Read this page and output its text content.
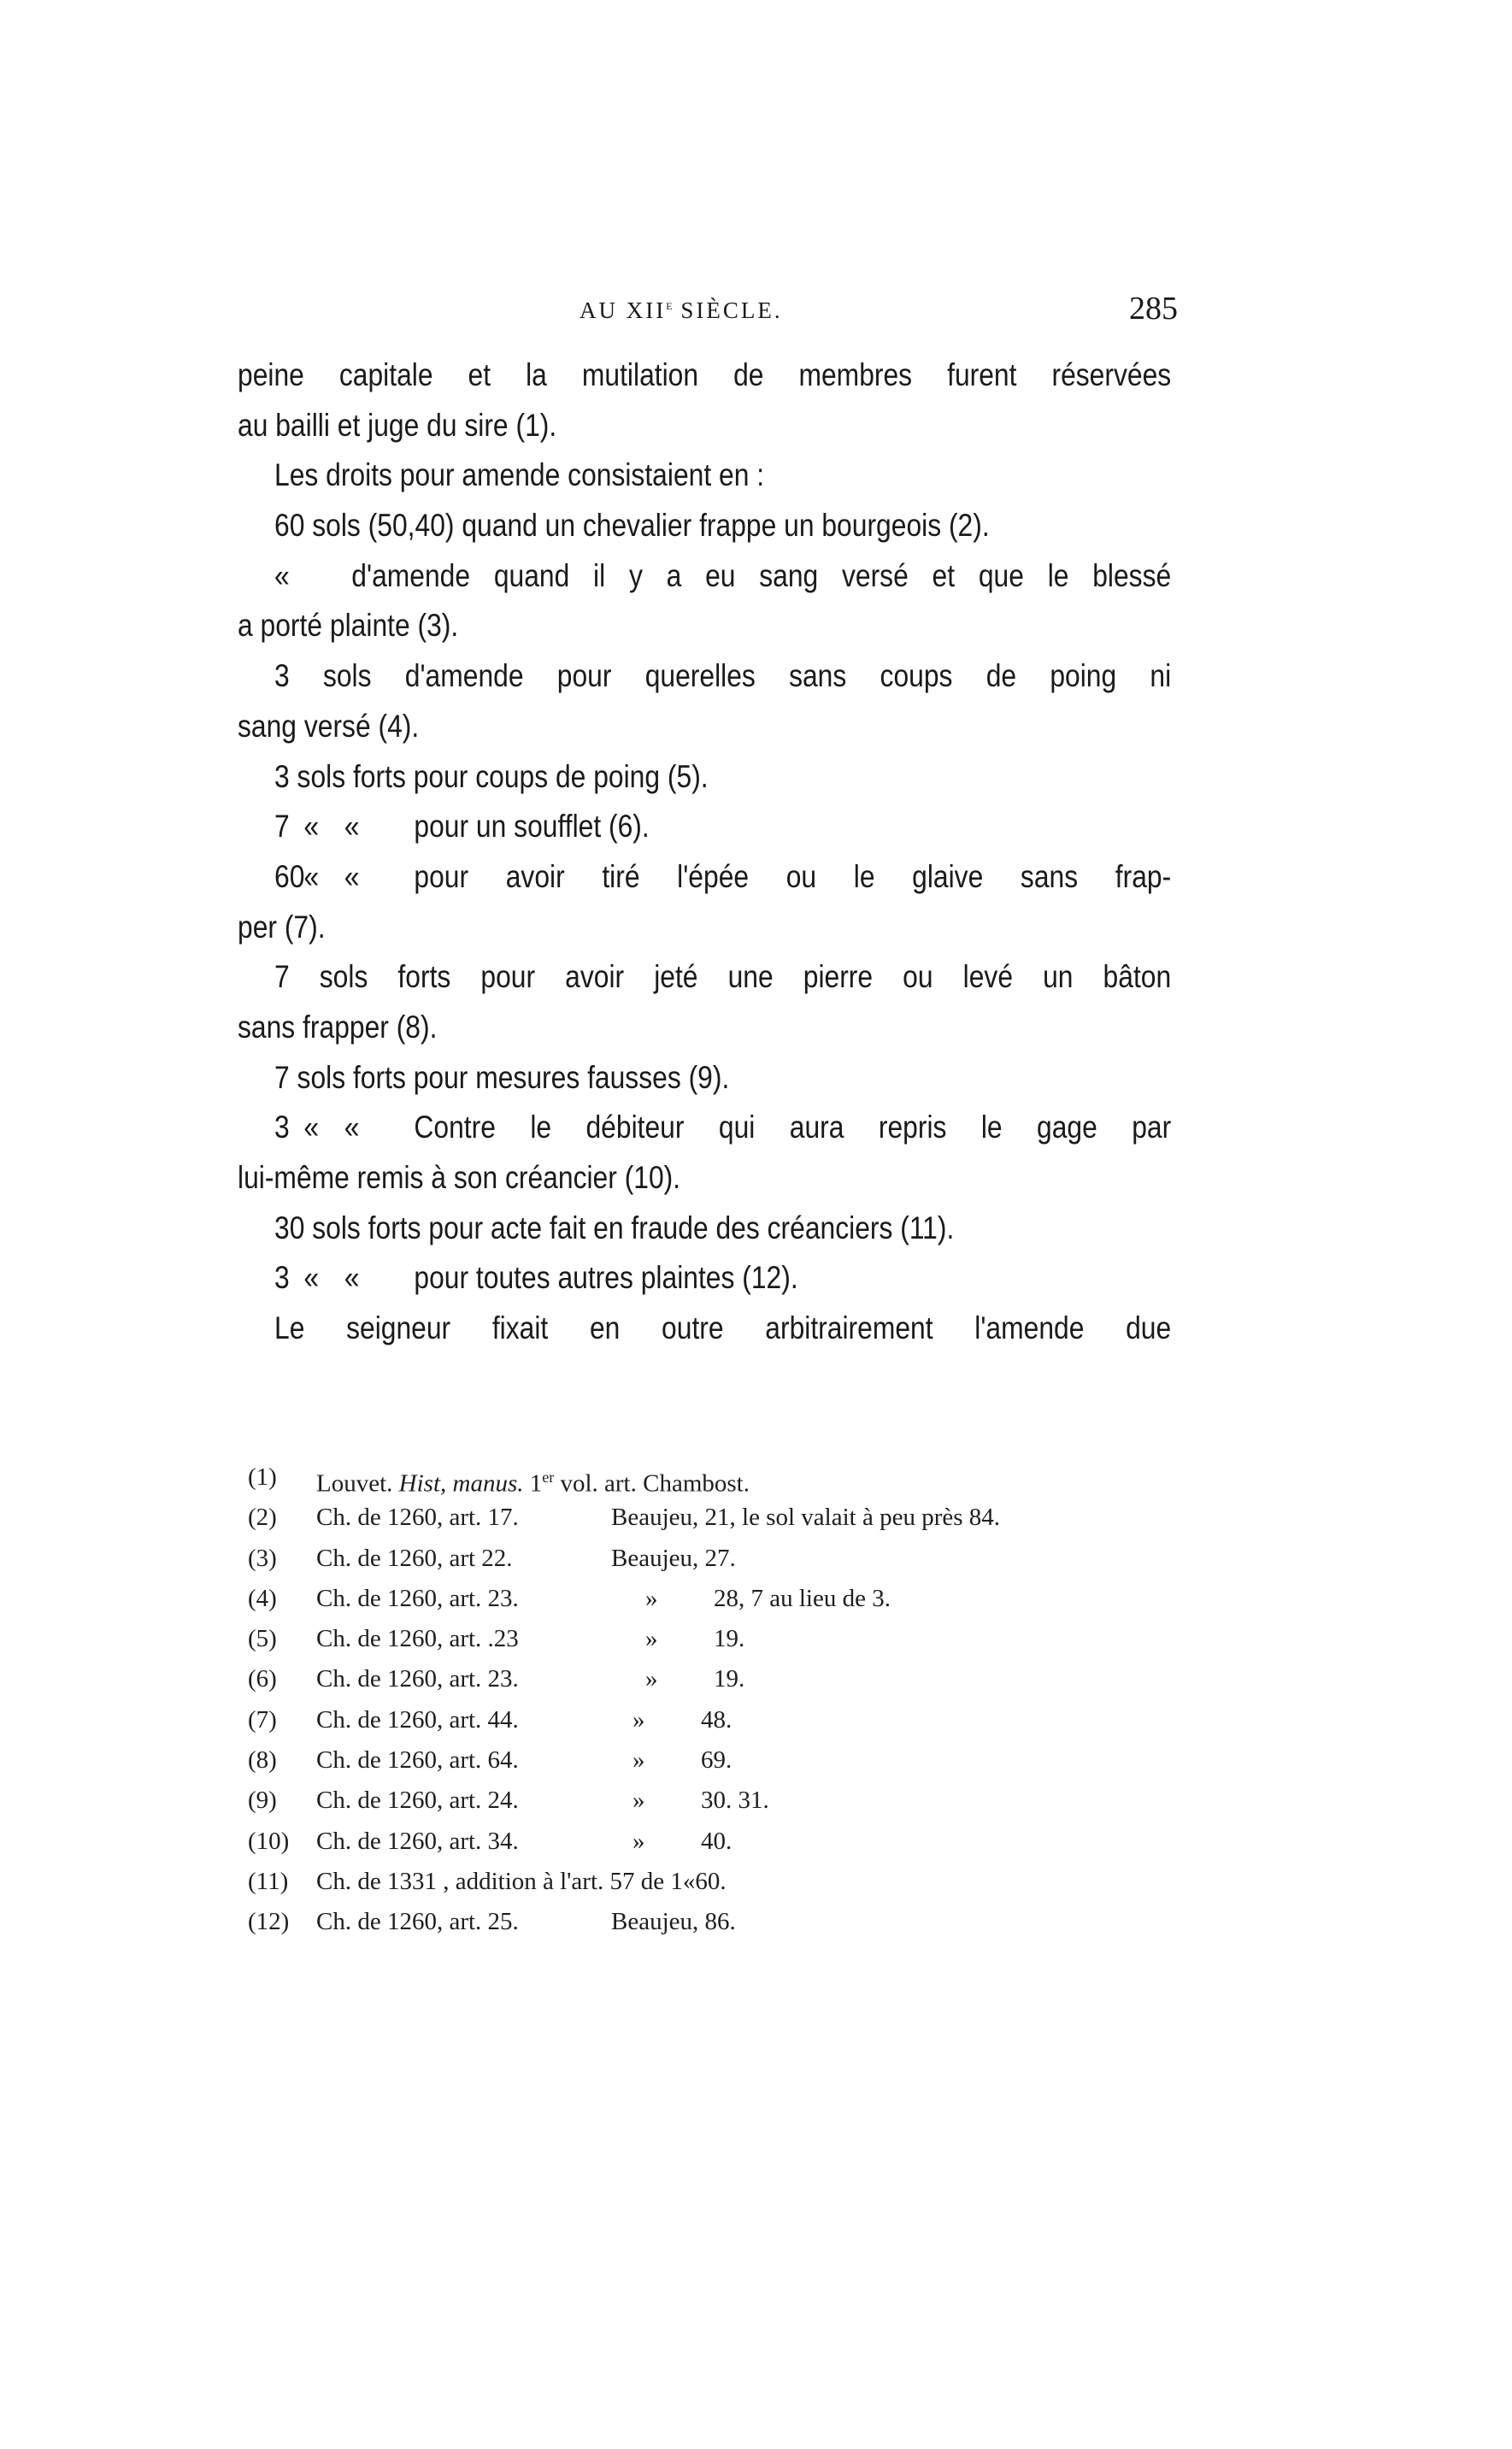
AU XIIe SIÈCLE.	285
peine capitale et la mutilation de membres furent réservées
au bailli et juge du sire (1).
Les droits pour amende consistaient en :
60 sols (50,40) quand un chevalier frappe un bourgeois (2).
«	d'amende quand il y a eu sang versé et que le blessé
a porté plainte (3).
3 sols d'amende pour querelles sans coups de poing ni
sang versé (4).
3 sols forts pour coups de poing (5).
7 « «	pour un soufflet (6).
60 « «	pour avoir tiré l'épée ou le glaive sans frap-
per (7).
7 sols forts pour avoir jeté une pierre ou levé un bâton
sans frapper (8).
7 sols forts pour mesures fausses (9).
3 « «	Contre le débiteur qui aura repris le gage par
lui-même remis à son créancier (10).
30 sols forts pour acte fait en fraude des créanciers (11).
3 « «	pour toutes autres plaintes (12).
Le seigneur fixait en outre arbitrairement l'amende due
(1)	Louvet. Hist, manus. 1er vol. art. Chambost.
(2)	Ch. de 1260, art. 17.	Beaujeu, 21, le sol valait à peu près 84.
(3)	Ch. de 1260, art 22.	Beaujeu, 27.
(4)	Ch. de 1260, art. 23.	»	28, 7 au lieu de 3.
(5)	Ch. de 1260, art. .23	»	19.
(6)	Ch. de 1260, art. 23.	»	19.
(7)	Ch. de 1260, art. 44.	»	48.
(8)	Ch. de 1260, art. 64.	»	69.
(9)	Ch. de 1260, art. 24.	»	30. 31.
(10)	Ch. de 1260, art. 34.	»	40.
(11)	Ch. de 1331 , addition à l'art. 57 de 1«60.
(12)	Ch. de 1260, art. 25.	Beaujeu, 86.
